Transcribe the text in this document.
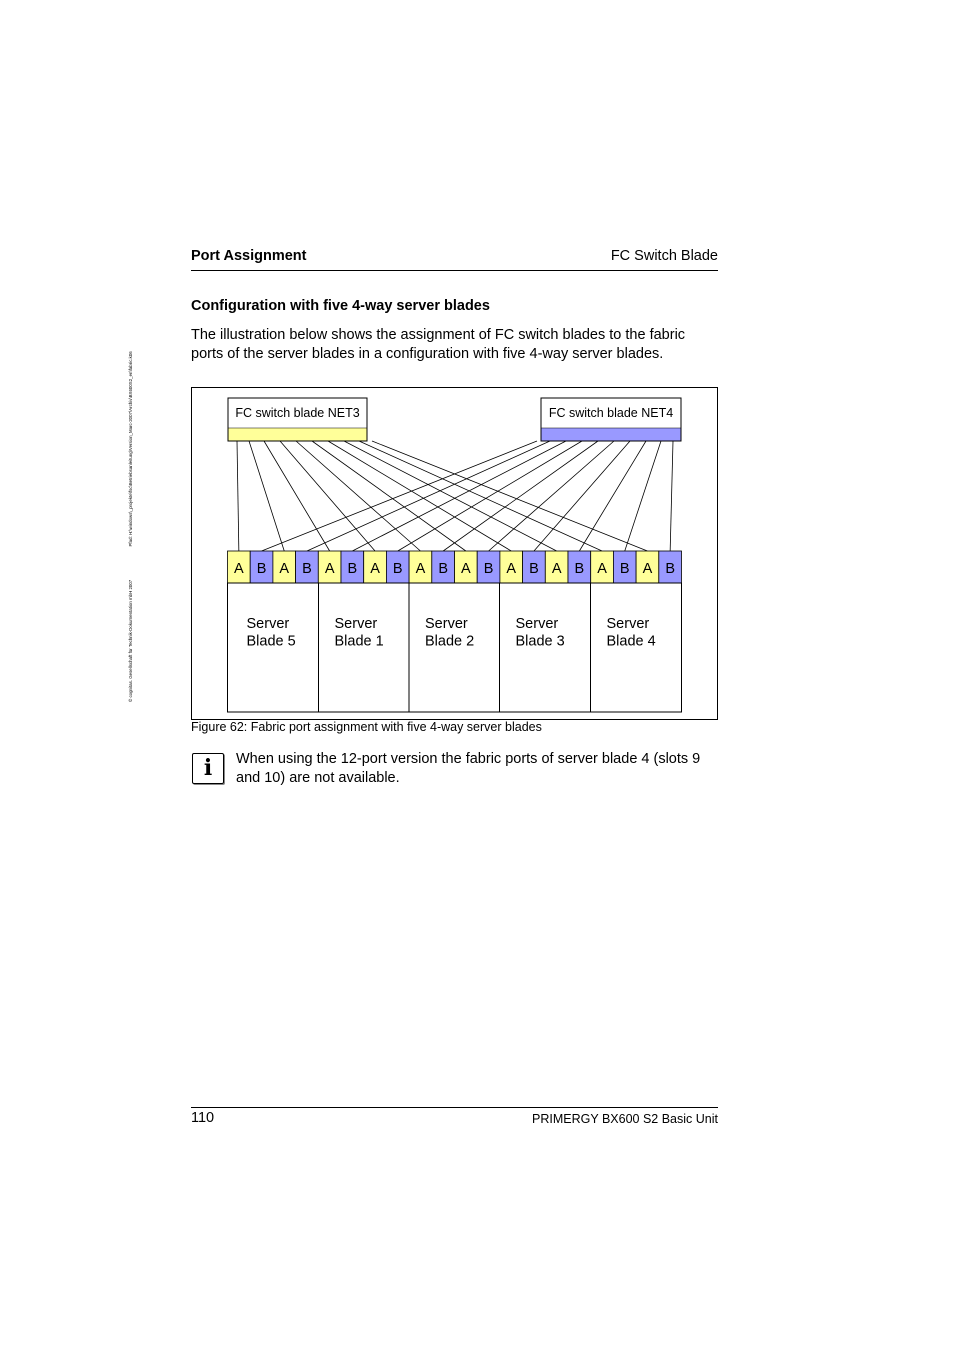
© cognitas. Gesellschaft für Technik-Dokumentation mbH 2007 Pfad: H:\windows\_projekte\fsc\Betriebsanleitung\Version_Marc-2007\Archiv\BX600S2_en\fabric.k06
Port Assignment	FC Switch Blade
Configuration with five 4-way server blades
The illustration below shows the assignment of FC switch blades to the fabric ports of the server blades in a configuration with five 4-way server blades.
FC switch blade NET3	FC switch blade NET4
A B A B A B A B A B A B A B A B A B A B
Server Blade 5
Server Blade 1
Server Blade 2
Server Blade 3
Server Blade 4
Figure 62: Fabric port assignment with five 4-way server blades
i	When using the 12-port version the fabric ports of server blade 4 (slots 9 and 10) are not available.
110	PRIMERGY BX600 S2 Basic Unit
